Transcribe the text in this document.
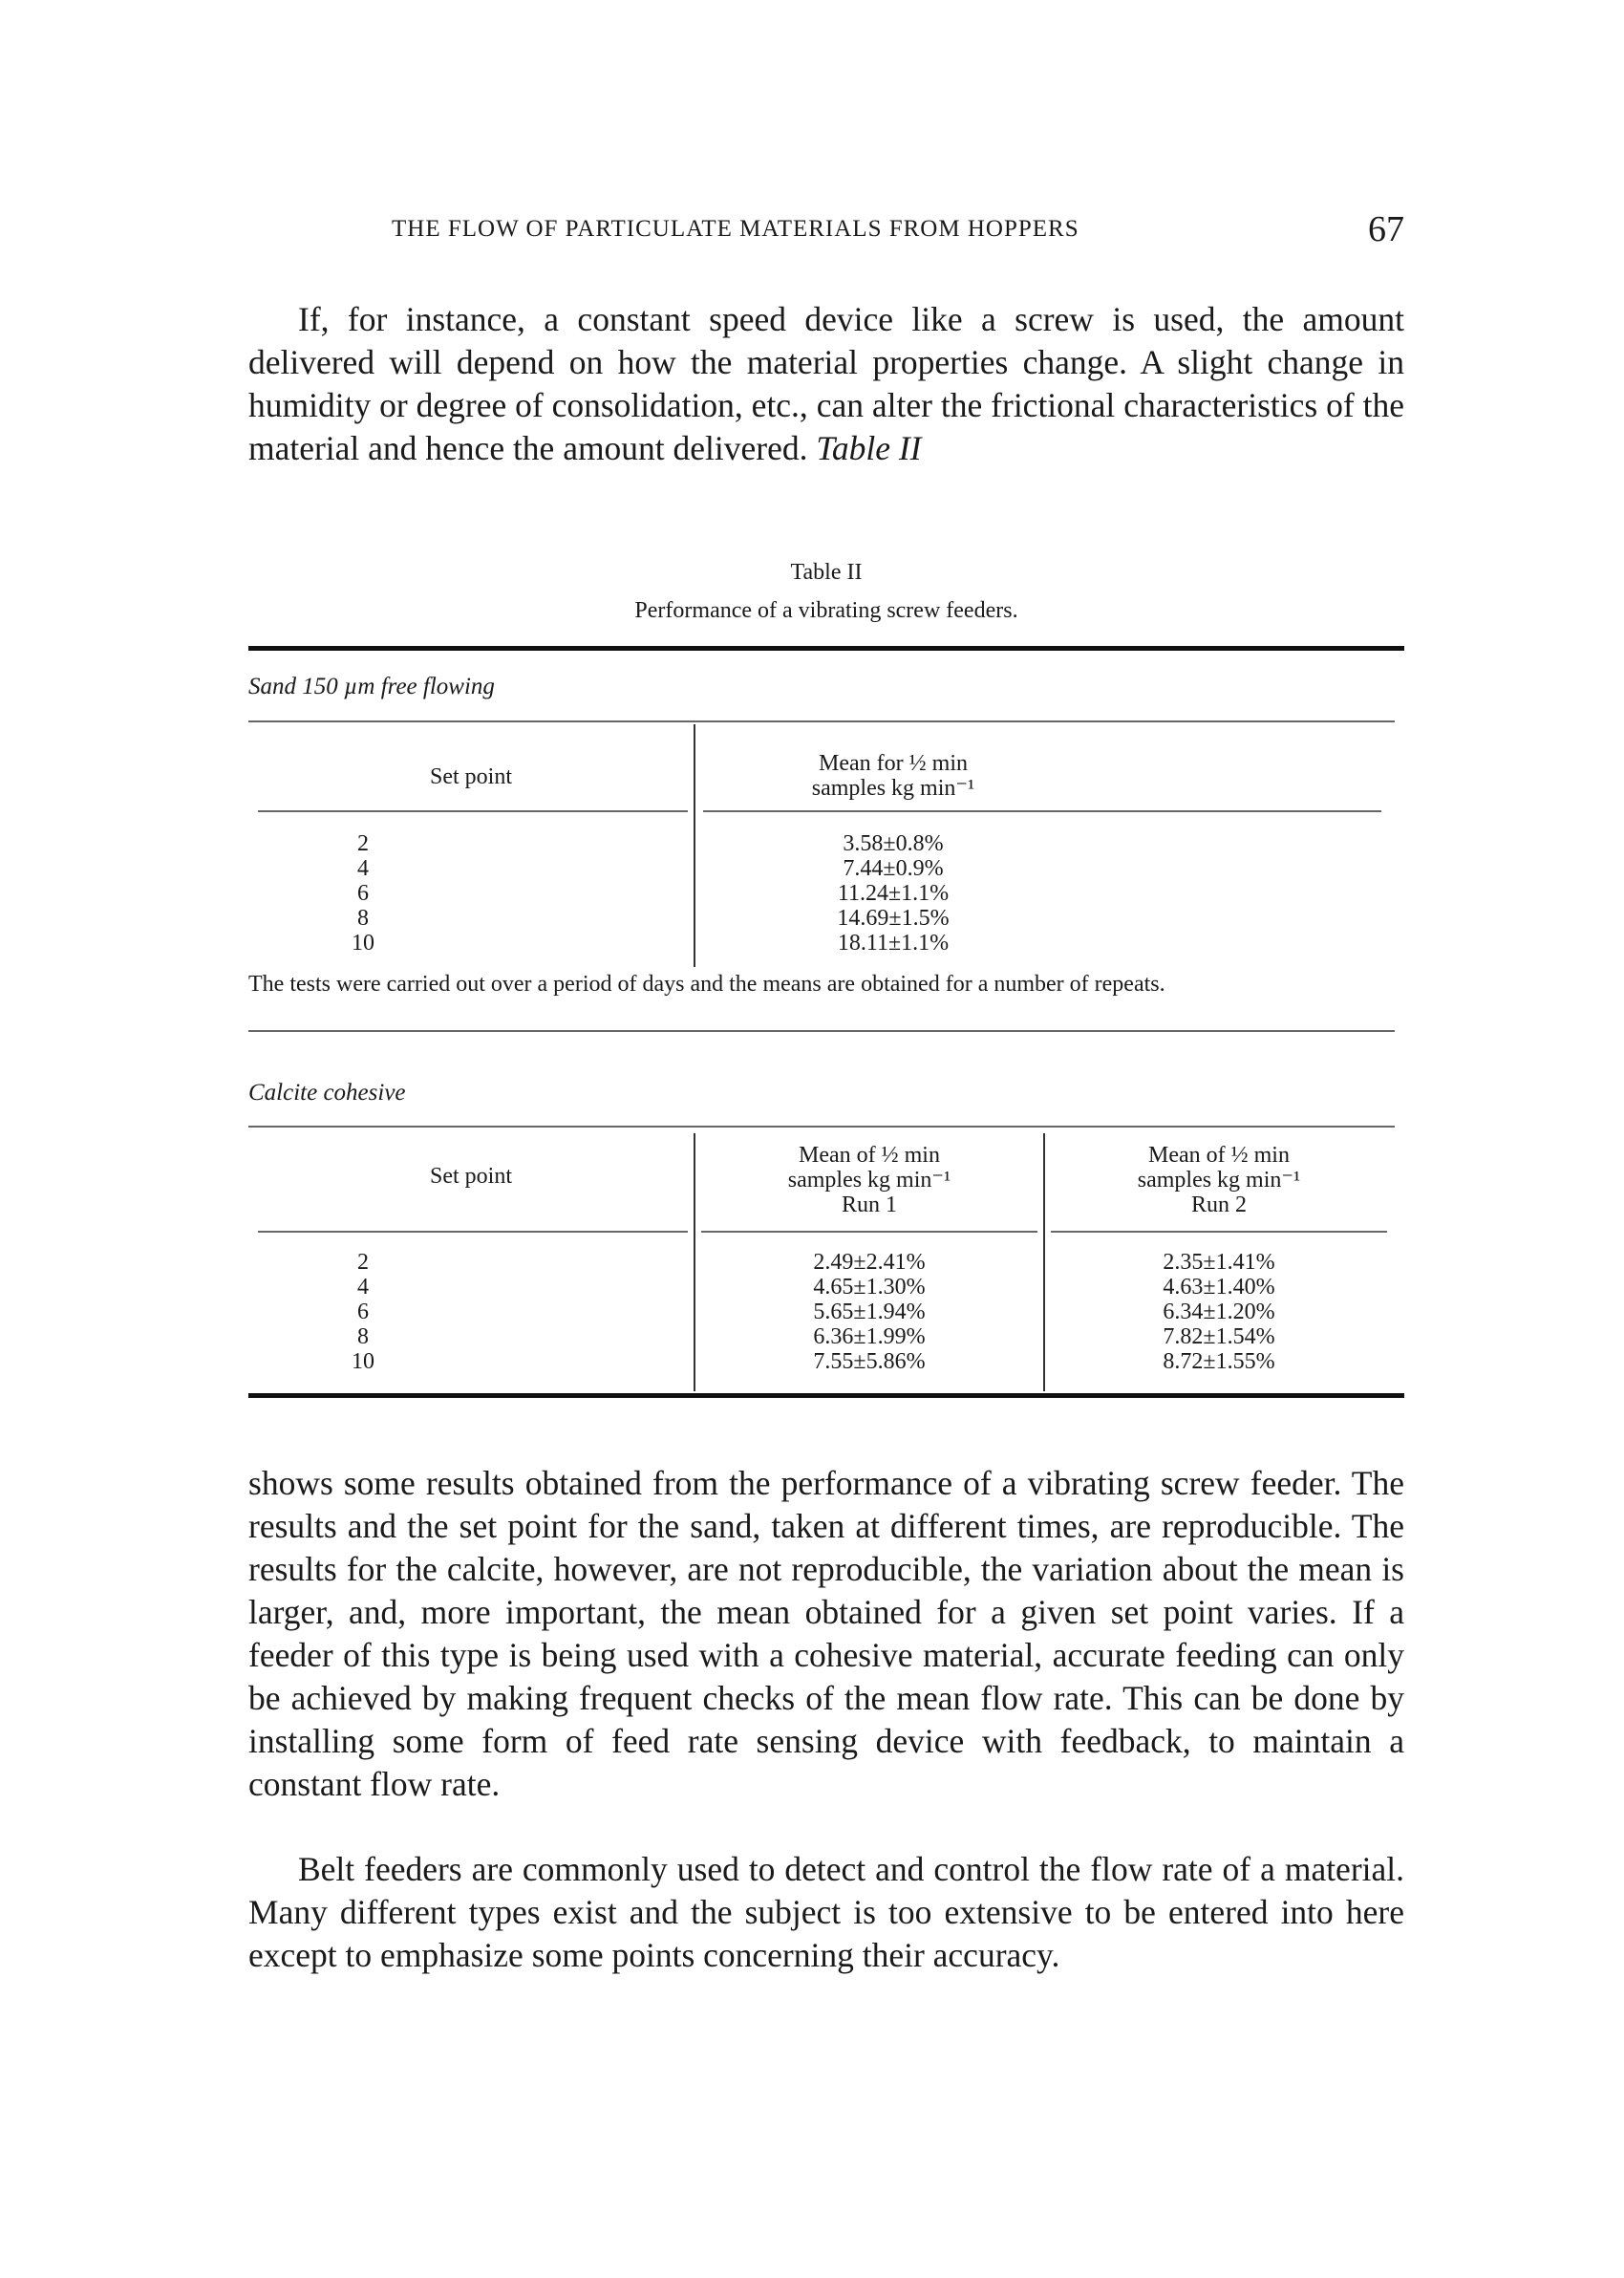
THE FLOW OF PARTICULATE MATERIALS FROM HOPPERS	67

If, for instance, a constant speed device like a screw is used, the amount delivered will depend on how the material properties change. A slight change in humidity or degree of consolidation, etc., can alter the frictional characteristics of the material and hence the amount delivered. Table II

Table II
Performance of a vibrating screw feeders.
Sand 150 µm free flowing
Set point
Mean for ½ min
samples kg min⁻¹
2
4
6
8
10
3.58±0.8%
7.44±0.9%
11.24±1.1%
14.69±1.5%
18.11±1.1%
The tests were carried out over a period of days and the means are obtained for a number of repeats.
Calcite cohesive
Set point
Mean of ½ min
samples kg min⁻¹
Run 1
Mean of ½ min
samples kg min⁻¹
Run 2
2
4
6
8
10
2.49±2.41%
4.65±1.30%
5.65±1.94%
6.36±1.99%
7.55±5.86%
2.35±1.41%
4.63±1.40%
6.34±1.20%
7.82±1.54%
8.72±1.55%

shows some results obtained from the performance of a vibrating screw feeder. The results and the set point for the sand, taken at different times, are reproducible. The results for the calcite, however, are not reproducible, the variation about the mean is larger, and, more important, the mean obtained for a given set point varies. If a feeder of this type is being used with a cohesive material, accurate feeding can only be achieved by making frequent checks of the mean flow rate. This can be done by installing some form of feed rate sensing device with feedback, to maintain a constant flow rate.

Belt feeders are commonly used to detect and control the flow rate of a material. Many different types exist and the subject is too extensive to be entered into here except to emphasize some points concerning their accuracy.
